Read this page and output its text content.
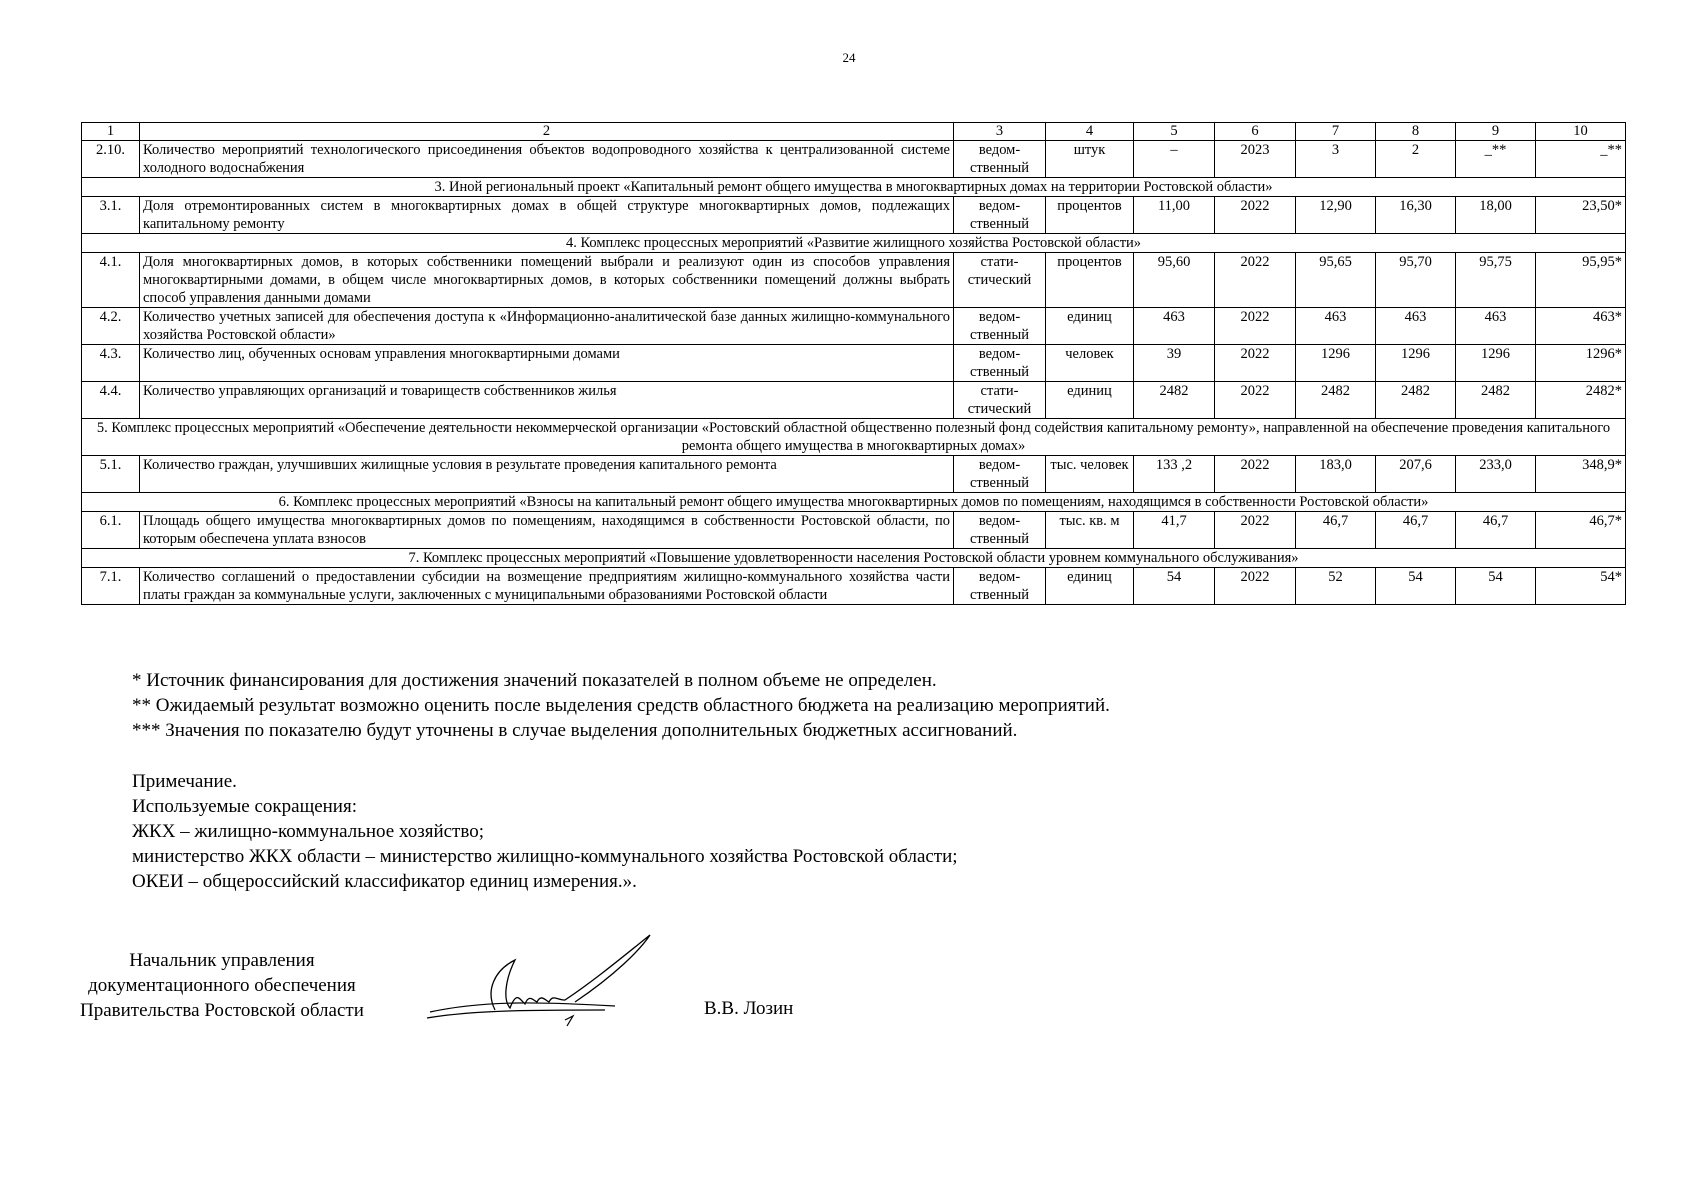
24
1	2	3	4	5	6	7	8	9	10
2.10.	Количество мероприятий технологического присоединения объектов водопроводного хозяйства к централизованной системе холодного водоснабжения	ведом-ственный	штук	–	2023	3	2	_**	_**
3. Иной региональный проект «Капитальный ремонт общего имущества в многоквартирных домах на территории Ростовской области»									
3.1.	Доля отремонтированных систем в многоквартирных домах в общей структуре многоквартирных домов, подлежащих капитальному ремонту	ведом-ственный	процентов	11,00	2022	12,90	16,30	18,00	23,50*
4. Комплекс процессных мероприятий «Развитие жилищного хозяйства Ростовской области»									
4.1.	Доля многоквартирных домов, в которых собственники помещений выбрали и реализуют один из способов управления многоквартирными домами, в общем числе многоквартирных домов, в которых собственники помещений должны выбрать способ управления данными домами	стати-стический	процентов	95,60	2022	95,65	95,70	95,75	95,95*
4.2.	Количество учетных записей для обеспечения доступа к «Информационно-аналитической базе данных жилищно-коммунального хозяйства Ростовской области»	ведом-ственный	единиц	463	2022	463	463	463	463*
4.3.	Количество лиц, обученных основам управления многоквартирными домами	ведом-ственный	человек	39	2022	1296	1296	1296	1296*
4.4.	Количество управляющих организаций и товариществ собственников жилья	стати-стический	единиц	2482	2022	2482	2482	2482	2482*
5. Комплекс процессных мероприятий «Обеспечение деятельности некоммерческой организации «Ростовский областной общественно полезный фонд содействия капитальному ремонту», направленной на обеспечение проведения капитального ремонта общего имущества в многоквартирных домах»									
5.1.	Количество граждан, улучшивших жилищные условия в результате проведения капитального ремонта	ведом-ственный	тыс. человек	133 ,2	2022	183,0	207,6	233,0	348,9*
6. Комплекс процессных мероприятий «Взносы на капитальный ремонт общего имущества многоквартирных домов по помещениям, находящимся в собственности Ростовской области»									
6.1.	Площадь общего имущества многоквартирных домов по помещениям, находящимся в собственности Ростовской области, по которым обеспечена уплата взносов	ведом-ственный	тыс. кв. м	41,7	2022	46,7	46,7	46,7	46,7*
7. Комплекс процессных мероприятий «Повышение удовлетворенности населения Ростовской области уровнем коммунального обслуживания»									
7.1.	Количество соглашений о предоставлении субсидии на возмещение предприятиям жилищно-коммунального хозяйства части платы граждан за коммунальные услуги, заключенных с муниципальными образованиями Ростовской области	ведом-ственный	единиц	54	2022	52	54	54	54*
* Источник финансирования для достижения значений показателей в полном объеме не определен.
** Ожидаемый результат возможно оценить после выделения средств областного бюджета на реализацию мероприятий.
*** Значения по показателю будут уточнены в случае выделения дополнительных бюджетных ассигнований.
Примечание.
Используемые сокращения:
ЖКХ – жилищно-коммунальное хозяйство;
министерство ЖКХ области – министерство жилищно-коммунального хозяйства Ростовской области;
ОКЕИ – общероссийский классификатор единиц измерения.».
Начальник управления
документационного обеспечения
Правительства Ростовской области	В.В. Лозин
